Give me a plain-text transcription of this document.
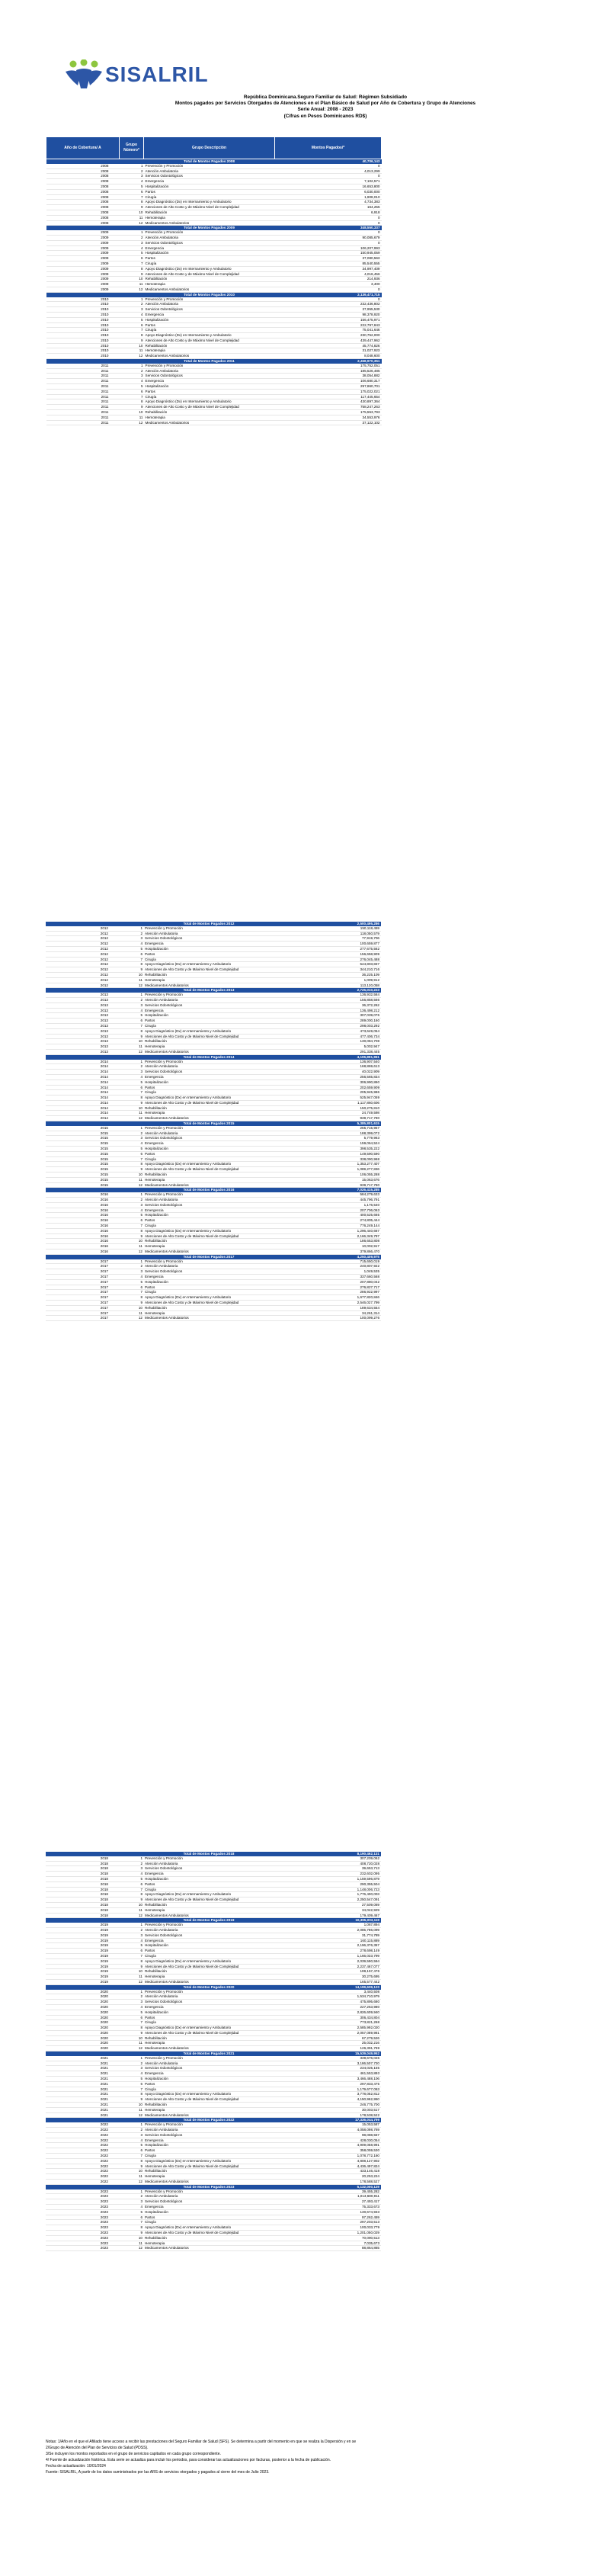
SISALRIL
República Dominicana.Seguro Familiar de Salud: Régimen Subsidiado
Montos pagados por Servicios Otorgados de Atenciones en el Plan Básico de Salud por Año de Cobertura y Grupo de Atenciones
Serie Anual: 2008 - 2023
(Cifras en Pesos Dominicanos RD$)
Año de Cobertura/ A	Grupo Número*	Grupo Descripción	Montos Pagados/*
		Total de Montos Pagados 2008	40,706,143
2008	1	Prevención y Promoción	0
2008	2	Atención Ambulatoria	4,013,299
2008	3	Servicios Odontológicos	0
2008	4	Emergencia	7,102,571
2008	5	Hospitalización	16,653,800
2008	6	Partos	6,030,000
2008	7	Cirugía	1,908,010
2008	8	Apoyo Diagnóstico (Dx) en Internamiento y Ambulatorio	4,734,383
2008	9	Atenciones de Alto Costo y de Máximo Nivel de Complejidad	164,255
2008	10	Rehabilitación	6,918
2008	11	Hemoterapia	0
2008	12	Medicamentos Ambulatorios	0
		Total de Montos Pagados 2009	348,550,337
2009	1	Prevención y Promoción	0
2009	2	Atención Ambulatoria	90,085,679
2009	3	Servicios Odontológicos	0
2009	4	Emergencia	106,207,993
2009	5	Hospitalización	150,945,059
2009	6	Partos	37,080,563
2009	7	Cirugía	85,540,555
2009	8	Apoyo Diagnóstico (Dx) en Internamiento y Ambulatorio	34,997,409
2009	9	Atenciones de Alto Costo y de Máximo Nivel de Complejidad	4,016,456
2009	10	Rehabilitación	214,936
2009	11	Hemoterapia	3,400
2009	12	Medicamentos Ambulatorios	0
		Total de Montos Pagados 2010	2,139,471,715
2010	1	Prevención y Promoción	0
2010	2	Atención Ambulatoria	232,436,802
2010	3	Servicios Odontológicos	37,955,530
2010	4	Emergencia	98,378,920
2010	5	Hospitalización	156,475,971
2010	6	Partos	222,797,843
2010	7	Cirugía	75,041,646
2010	8	Apoyo Diagnóstico (Dx) en Internamiento y Ambulatorio	230,752,000
2010	9	Atenciones de Alto Costo y de Máximo Nivel de Complejidad	439,447,962
2010	10	Rehabilitación	45,774,826
2010	11	Hemoterapia	31,027,923
2010	12	Medicamentos Ambulatorios	8,048,600
		Total de Montos Pagados 2011	2,458,970,351
2011	1	Prevención y Promoción	175,752,051
2011	2	Atención Ambulatoria	185,526,485
2011	3	Servicios Odontológicos	38,054,882
2011	4	Emergencia	106,680,317
2011	5	Hospitalización	297,860,701
2011	6	Partos	175,022,021
2011	7	Cirugía	117,445,654
2011	8	Apoyo Diagnóstico (Dx) en Internamiento y Ambulatorio	430,897,364
2011	9	Atenciones de Alto Costo y de Máximo Nivel de Complejidad	758,247,263
2011	10	Rehabilitación	175,553,793
2011	11	Hemoterapia	34,553,976
2011	12	Medicamentos Ambulatorios	37,122,102
		Total de Montos Pagados 2012	2,500,495,286
2012	1	Prevención y Promoción	150,118,459
2012	2	Atención Ambulatoria	118,050,579
2012	3	Servicios Odontológicos	77,919,706
2012	4	Emergencia	100,659,877
2012	5	Hospitalización	277,675,562
2012	6	Partos	156,658,909
2012	7	Cirugía	276,045,488
2012	8	Apoyo Diagnóstico (Dx) en Internamiento y Ambulatorio	544,803,837
2012	9	Atenciones de Alto Costo y de Máximo Nivel de Complejidad	344,210,716
2012	10	Rehabilitación	36,225,109
2012	11	Hemoterapia	1,009,912
2012	12	Medicamentos Ambulatorios	113,120,058
		Total de Montos Pagados 2013	2,725,010,223
2013	1	Prevención y Promoción	136,932,584
2013	2	Atención Ambulatoria	156,858,566
2013	3	Servicios Odontológicos	36,372,262
2013	4	Emergencia	136,498,212
2013	5	Hospitalización	307,039,076
2013	6	Partos	289,000,160
2013	7	Cirugía	298,003,292
2013	8	Apoyo Diagnóstico (Dx) en Internamiento y Ambulatorio	473,649,054
2013	9	Atenciones de Alto Costo y de Máximo Nivel de Complejidad	477,406,734
2013	10	Rehabilitación	130,084,708
2013	11	Hemoterapia	5,002,947
2013	12	Medicamentos Ambulatorios	291,338,445
		Total de Montos Pagados 2014	4,106,891,961
2014	1	Prevención y Promoción	136,907,540
2014	2	Atención Ambulatoria	168,869,613
2014	3	Servicios Odontológicos	40,022,909
2014	4	Emergencia	256,565,834
2014	5	Hospitalización	306,990,860
2014	6	Partos	202,659,909
2014	7	Cirugía	205,945,986
2014	8	Apoyo Diagnóstico (Dx) en Internamiento y Ambulatorio	525,947,059
2014	9	Atenciones de Alto Costo y de Máximo Nivel de Complejidad	1,117,860,606
2014	10	Rehabilitación	150,275,810
2014	11	Hemoterapia	24,749,598
2014	12	Medicamentos Ambulatorios	939,717,780
		Total de Montos Pagados 2015	5,385,801,615
2015	1	Prevención y Promoción	265,715,957
2015	2	Atención Ambulatoria	188,399,072
2015	3	Servicios Odontológicos	5,779,963
2015	4	Emergencia	159,064,524
2015	5	Hospitalización	398,535,222
2015	6	Partos	149,590,590
2015	7	Cirugía	338,090,968
2015	8	Apoyo Diagnóstico (Dx) en Internamiento y Ambulatorio	1,353,277,407
2015	9	Atenciones de Alto Costo y de Máximo Nivel de Complejidad	1,089,277,836
2015	10	Rehabilitación	106,055,288
2015	11	Hemoterapia	15,063,676
2015	12	Medicamentos Ambulatorios	939,717,780
		Total de Montos Pagados 2016	7,026,415,285
2016	1	Prevención y Promoción	584,279,633
2016	2	Atención Ambulatoria	445,796,791
2016	3	Servicios Odontológicos	1,176,540
2016	4	Emergencia	207,706,063
2016	5	Hospitalización	400,525,665
2016	6	Partos	274,805,444
2016	7	Cirugía	776,249,144
2016	8	Apoyo Diagnóstico (Dx) en Internamiento y Ambulatorio	1,296,440,667
2016	9	Atenciones de Alto Costo y de Máximo Nivel de Complejidad	2,166,349,797
2016	10	Rehabilitación	186,653,808
2016	11	Hemoterapia	10,002,917
2016	12	Medicamentos Ambulatorios	379,866,470
		Total de Montos Pagados 2017	4,250,409,975
2017	1	Prevención y Promoción	715,650,019
2017	2	Atención Ambulatoria	240,807,922
2017	3	Servicios Odontológicos	1,049,535
2017	4	Emergencia	337,660,568
2017	5	Hospitalización	207,880,042
2017	6	Partos	276,827,717
2017	7	Cirugía	286,922,997
2017	8	Apoyo Diagnóstico (Dx) en Internamiento y Ambulatorio	1,677,820,846
2017	9	Atenciones de Alto Costo y de Máximo Nivel de Complejidad	2,546,027,799
2017	10	Rehabilitación	189,634,554
2017	11	Hemoterapia	34,261,314
2017	12	Medicamentos Ambulatorios	100,099,276
		Total de Montos Pagados 2018	8,190,462,131
2018	1	Prevención y Promoción	307,209,062
2018	2	Atención Ambulatoria	408,720,028
2018	3	Servicios Odontológicos	39,653,713
2018	4	Emergencia	232,602,095
2018	5	Hospitalización	1,159,596,879
2018	6	Partos	290,355,504
2018	7	Cirugía	1,148,006,723
2018	8	Apoyo Diagnóstico (Dx) en Internamiento y Ambulatorio	1,776,400,003
2018	9	Atenciones de Alto Costo y de Máximo Nivel de Complejidad	2,250,547,091
2018	10	Rehabilitación	27,509,069
2018	11	Hemoterapia	34,042,929
2018	12	Medicamentos Ambulatorios	179,409,467
		Total de Montos Pagados 2019	10,395,003,119
2019	1	Prevención y Promoción	1,067,894
2019	2	Atención Ambulatoria	2,085,786,099
2019	3	Servicios Odontológicos	31,774,789
2019	4	Emergencia	160,115,889
2019	5	Hospitalización	2,196,376,357
2019	6	Partos	278,698,149
2019	7	Cirugía	1,166,033,799
2019	8	Apoyo Diagnóstico (Dx) en Internamiento y Ambulatorio	2,039,590,594
2019	9	Atenciones de Alto Costo y de Máximo Nivel de Complejidad	2,237,467,077
2019	10	Rehabilitación	199,157,476
2019	11	Hemoterapia	30,275,695
2019	12	Medicamentos Ambulatorios	165,577,442
		Total de Montos Pagados 2020	14,199,609,120
2020	1	Prevención y Promoción	3,440,508
2020	2	Atención Ambulatoria	1,534,710,979
2020	3	Servicios Odontológicos	475,895,680
2020	4	Emergencia	227,263,980
2020	5	Hospitalización	2,826,609,940
2020	6	Partos	306,434,804
2020	7	Cirugía	773,821,268
2020	8	Apoyo Diagnóstico (Dx) en Internamiento y Ambulatorio	2,585,992,020
2020	9	Atenciones de Alto Costo y de Máximo Nivel de Complejidad	2,057,089,981
2020	10	Rehabilitación	67,279,526
2020	11	Hemoterapia	25,032,216
2020	12	Medicamentos Ambulatorios	126,391,769
		Total de Montos Pagados 2021	15,539,049,952
2021	1	Prevención y Promoción	339,676,026
2021	2	Atención Ambulatoria	3,186,507,720
2021	3	Servicios Odontológicos	234,025,155
2021	4	Emergencia	461,553,893
2021	5	Hospitalización	3,466,488,106
2021	6	Partos	297,833,475
2021	7	Cirugía	1,179,677,063
2021	8	Apoyo Diagnóstico (Dx) en Internamiento y Ambulatorio	3,778,052,812
2021	9	Atenciones de Alto Costo y de Máximo Nivel de Complejidad	4,150,962,950
2021	10	Rehabilitación	246,775,700
2021	11	Hemoterapia	30,003,517
2021	12	Medicamentos Ambulatorios	178,538,522
		Total de Montos Pagados 2022	17,336,044,799
2022	1	Prevención y Promoción	15,053,587
2022	2	Atención Ambulatoria	4,058,098,769
2022	3	Servicios Odontológicos	98,088,557
2022	4	Emergencia	428,030,054
2022	5	Hospitalización	4,909,058,991
2022	6	Partos	358,059,530
2022	7	Cirugía	1,078,772,160
2022	8	Apoyo Diagnóstico (Dx) en Internamiento y Ambulatorio	4,808,127,902
2022	9	Atenciones de Alto Costo y de Máximo Nivel de Complejidad	4,436,497,824
2022	10	Rehabilitación	433,146,418
2022	11	Hemoterapia	20,253,224
2022	12	Medicamentos Ambulatorios	178,588,527
		Total de Montos Pagados 2023	5,132,000,129
2023	1	Prevención y Promoción	39,455,282
2023	2	Atención Ambulatoria	1,013,680,911
2023	3	Servicios Odontológicos	27,493,417
2023	4	Emergencia	75,333,673
2023	5	Hospitalización	130,674,933
2023	6	Partos	97,262,459
2023	7	Cirugía	297,203,513
2023	8	Apoyo Diagnóstico (Dx) en Internamiento y Ambulatorio	100,033,779
2023	9	Atenciones de Alto Costo y de Máximo Nivel de Complejidad	1,201,050,029
2023	10	Rehabilitación	70,090,513
2023	11	Hemoterapia	7,035,673
2023	12	Medicamentos Ambulatorios	88,864,865
Notas: 1/Año en el que el Afiliado tiene acceso a recibir las prestaciones del Seguro Familiar de Salud (SFS). Se determina a partir del momento en que se realiza la Dispersión y en se
2/Grupo de Atención del Plan de Servicios de Salud (PDSS).
3/Se incluyen los montos reportados en el grupo de servicios capitados en cada grupo correspondiente.
4/ Fuente de actualización histórica. Esta serie se actualiza para incluir los periodos, para considerar las actualizaciones por facturas, posterior a la fecha de publicación.
Fecha de actualización: 10/01/2024
Fuente: SISALRIL, A partir de los datos suministrados por las ARS de servicios otorgados y pagados al cierre del mes de Julio 2023.
